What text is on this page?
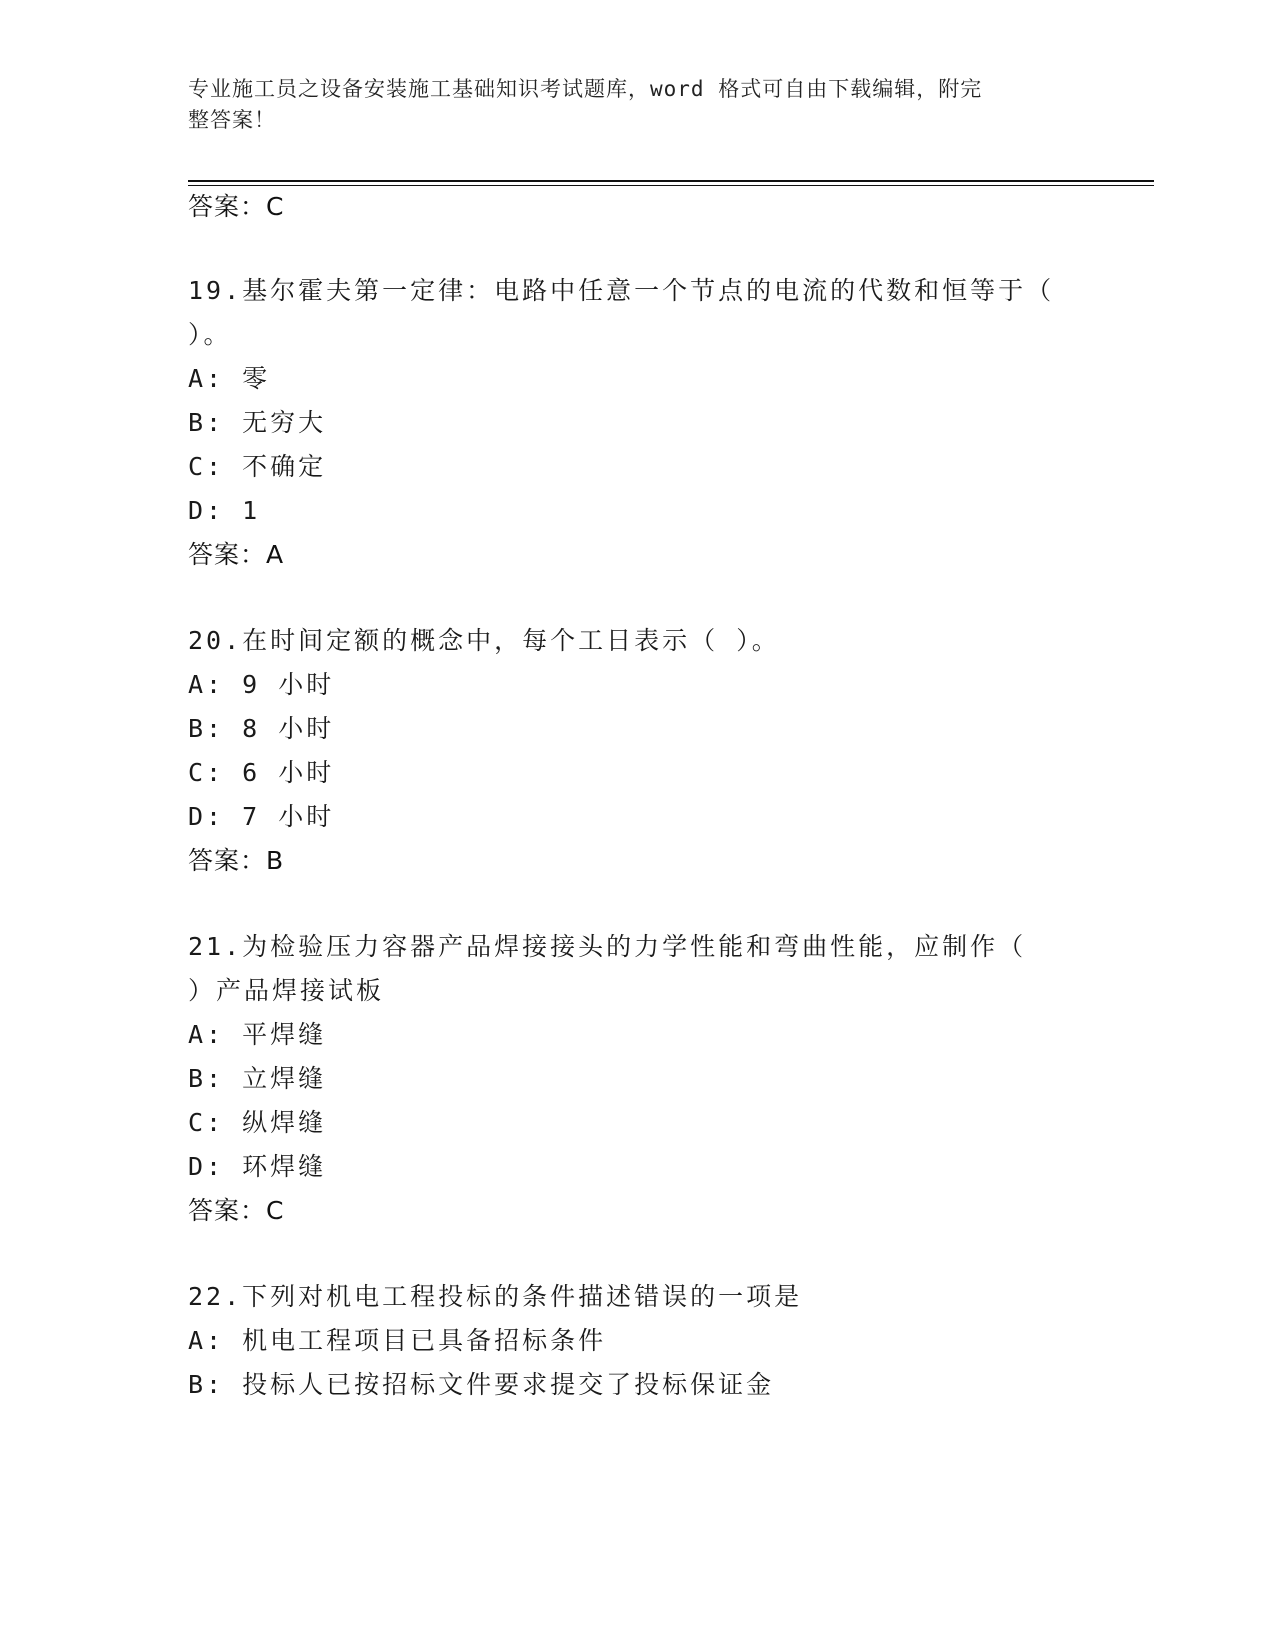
专业施工员之设备安装施工基础知识考试题库，word 格式可自由下载编辑，附完
整答案！
答案：C
19.基尔霍夫第一定律：电路中任意一个节点的电流的代数和恒等于（
）。
A: 零
B: 无穷大
C: 不确定
D: 1
答案：A
20.在时间定额的概念中，每个工日表示（ ）。
A: 9 小时
B: 8 小时
C: 6 小时
D: 7 小时
答案：B
21.为检验压力容器产品焊接接头的力学性能和弯曲性能，应制作（
）产品焊接试板
A: 平焊缝
B: 立焊缝
C: 纵焊缝
D: 环焊缝
答案：C
22.下列对机电工程投标的条件描述错误的一项是
A: 机电工程项目已具备招标条件
B: 投标人已按招标文件要求提交了投标保证金
